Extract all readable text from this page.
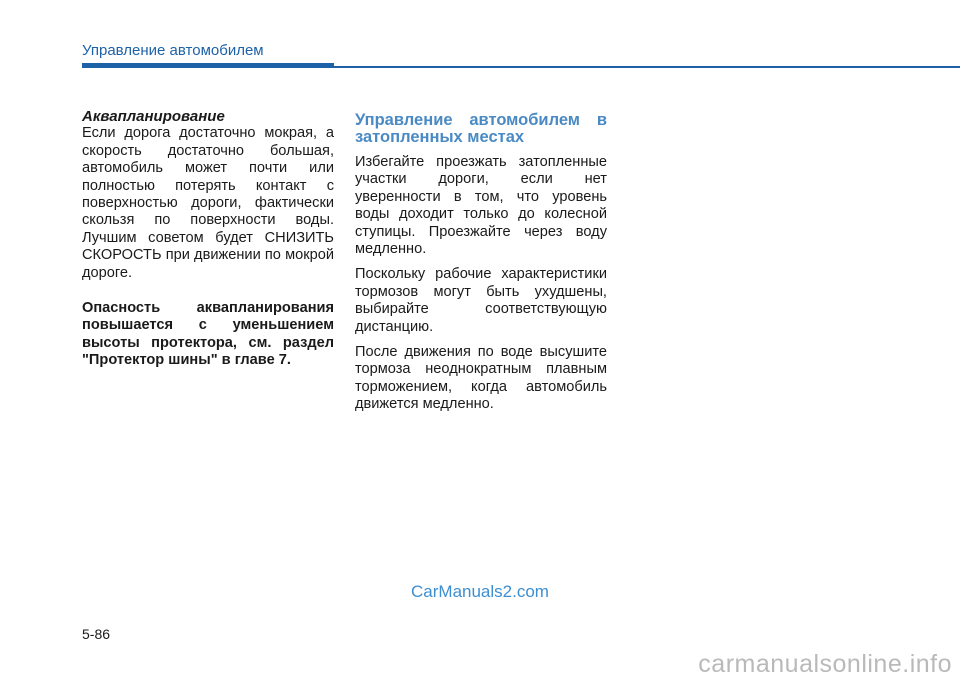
Управление автомобилем

Аквапланирование

Если дорога достаточно мокрая, а скорость достаточно большая, автомобиль может почти или полностью потерять контакт с поверхностью дороги, фактически скользя по поверхности воды. Лучшим советом будет СНИЗИТЬ СКОРОСТЬ при движении по мокрой дороге.

Опасность аквапланирования повышается с уменьшением высоты протектора, см. раздел "Протектор шины" в главе 7.

Управление автомобилем в затопленных местах

Избегайте проезжать затопленные участки дороги, если нет уверенности в том, что уровень воды доходит только до колесной ступицы. Проезжайте через воду медленно.

Поскольку рабочие характеристики тормозов могут быть ухудшены, выбирайте соответствующую дистанцию.

После движения по воде высушите тормоза неоднократным плавным торможением, когда автомобиль движется медленно.

CarManuals2.com
5-86
carmanualsonline.info
